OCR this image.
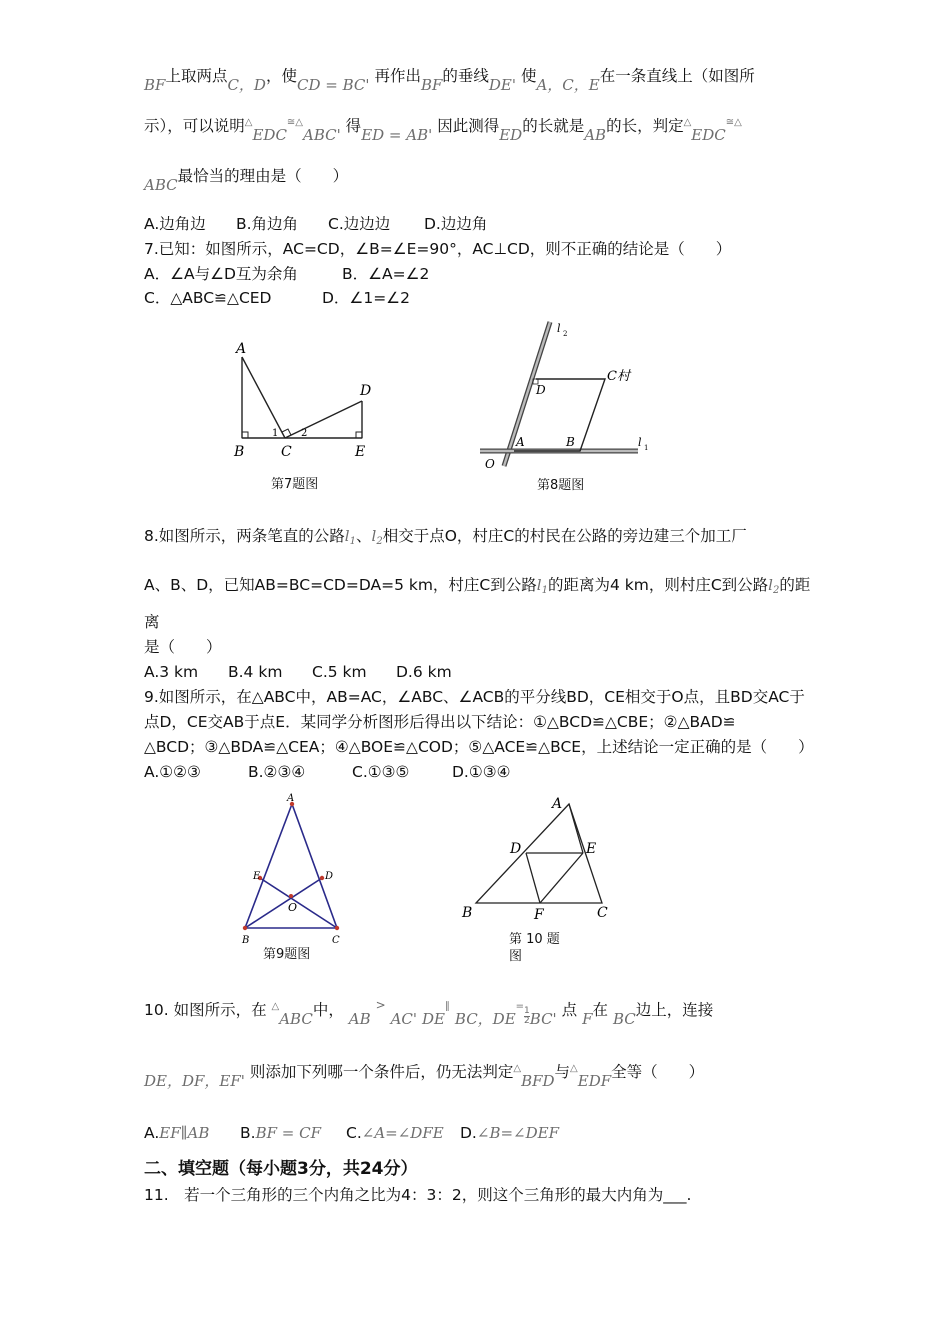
BF上取两点C，D，使CD = BC' 再作出BF的垂线DE' 使A，C，E在一条直线上（如图所
示），可以说明△EDC≅△ABC' 得ED = AB' 因此测得ED的长就是AB的长，判定△EDC≅△
ABC最恰当的理由是（　　）
A.边角边 B.角边角 C.边边边 D.边边角
7.已知：如图所示，AC=CD，∠B=∠E=90°，AC⊥CD，则不正确的结论是（　　）
A．∠A与∠D互为余角	B．∠A=∠2
C．△ABC≌△CED	D．∠1=∠2
A
B	C
D
E
1 2
第7题图
l 2
C村
D
A	B
O
l 1
第8题图
8.如图所示，两条笔直的公路l1、l2相交于点O，村庄C的村民在公路的旁边建三个加工厂
A、B、D，已知AB=BC=CD=DA=5 km，村庄C到公路l1的距离为4 km，则村庄C到公路l2的距
离
是（　　）
A.3 km B.4 km C.5 km D.6 km
9.如图所示，在△ABC中，AB=AC，∠ABC、∠ACB的平分线BD，CE相交于O点，且BD交AC于
点D，CE交AB于点E．某同学分析图形后得出以下结论：①△BCD≌△CBE；②△BAD≌
△BCD；③△BDA≌△CEA；④△BOE≌△COD；⑤△ACE≌△BCE，上述结论一定正确的是（　　）
A.①②③	B.②③④	C.①③⑤	D.①③④
A
E	D
O
B	C
第9题图
A
D	E
B	F	C
第 10 题
图
10. 如图所示，在 △ABC中， AB > AC' DE∥ BC，DE=
$\frac{1}{2} BC'$ 点 F在 BC边上，连接
DE，DF，EF' 则添加下列哪一个条件后，仍无法判定△BFD与△EDF全等（　　）
A.EF∥AB B.BF = CF C.∠A=∠DFE D.∠B=∠DEF
二、填空题（每小题3分，共24分）
11.　若一个三角形的三个内角之比为4：3：2，则这个三角形的最大内角为___.
